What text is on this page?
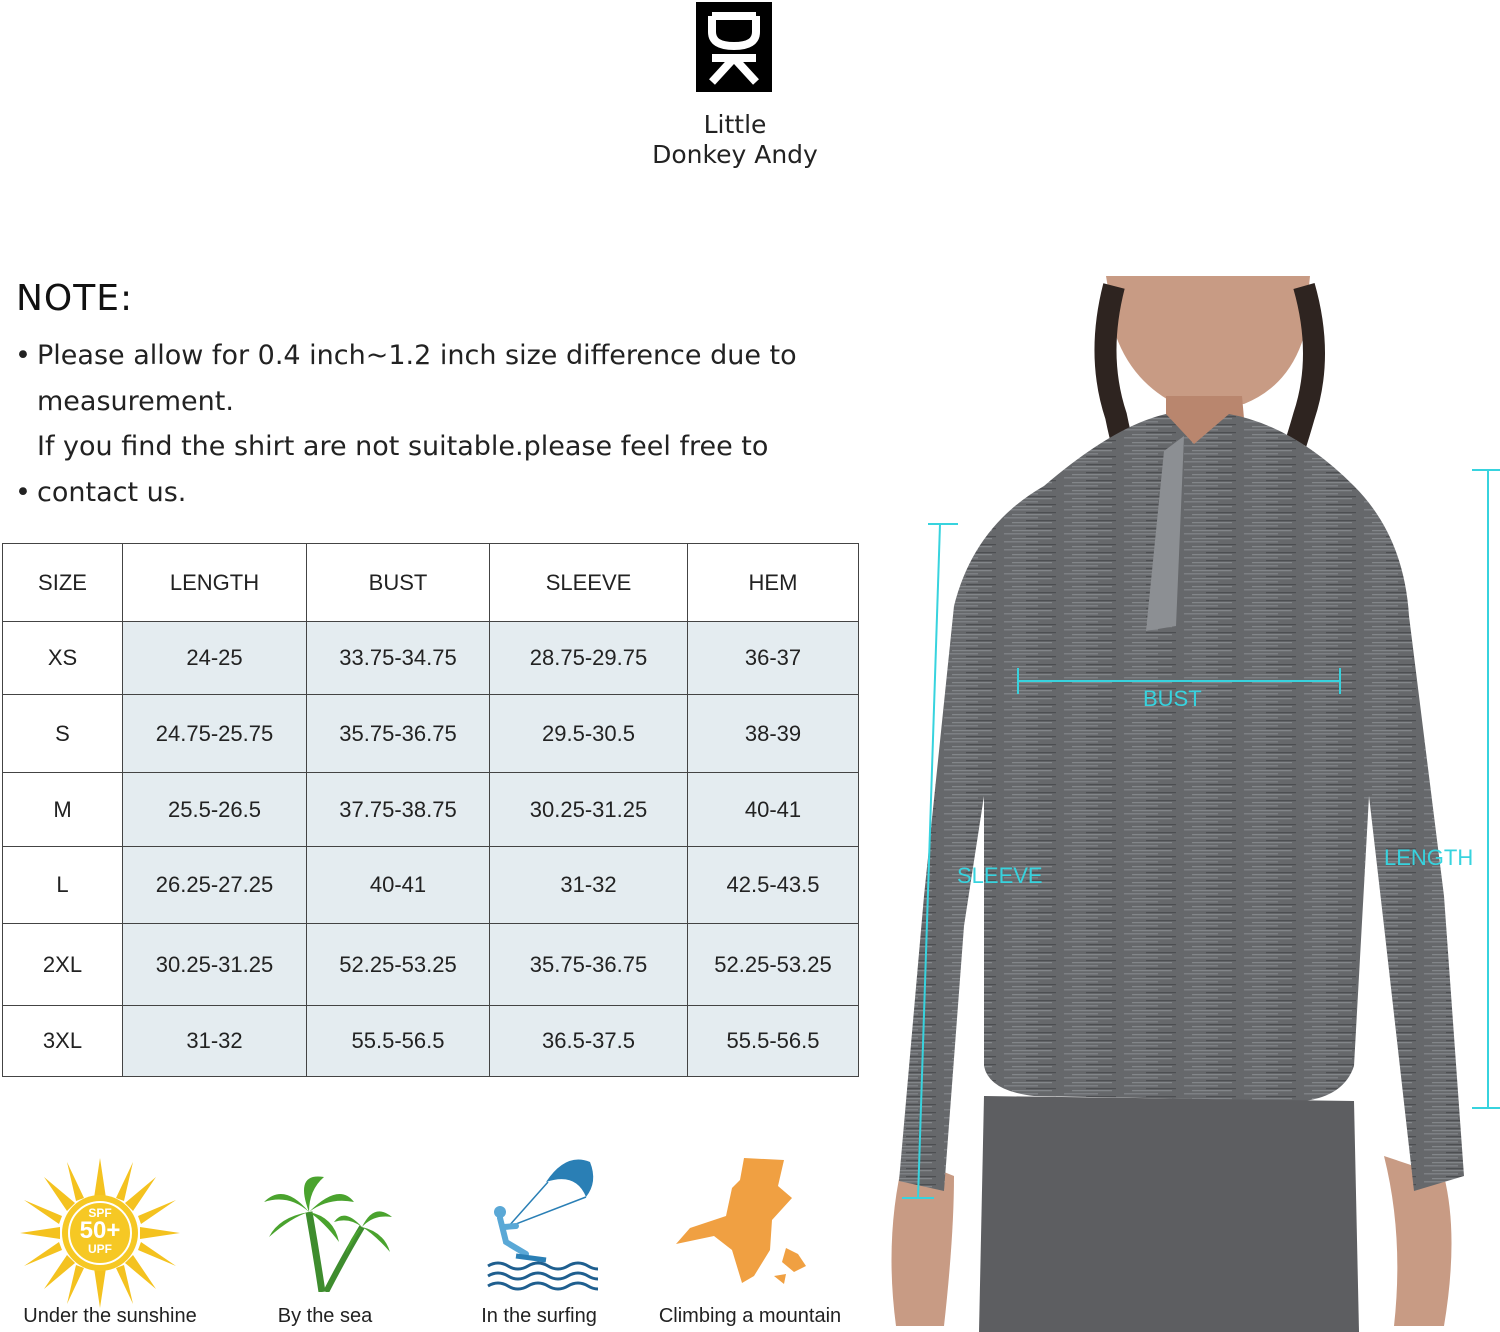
Little
Donkey Andy
NOTE:
• Please allow for 0.4 inch~1.2 inch size difference due to
measurement.
If you find the shirt are not suitable.please feel free to
• contact us.
SIZE	LENGTH	BUST	SLEEVE	HEM
XS	24-25	33.75-34.75	28.75-29.75	36-37
S	24.75-25.75	35.75-36.75	29.5-30.5	38-39
M	25.5-26.5	37.75-38.75	30.25-31.25	40-41
L	26.25-27.25	40-41	31-32	42.5-43.5
2XL	30.25-31.25	52.25-53.25	35.75-36.75	52.25-53.25
3XL	31-32	55.5-56.5	36.5-37.5	55.5-56.5
BUST
SLEEVE
LENGTH
SPF
50+
UPF
Under the sunshine	By the sea	In the surfing	Climbing a mountain
